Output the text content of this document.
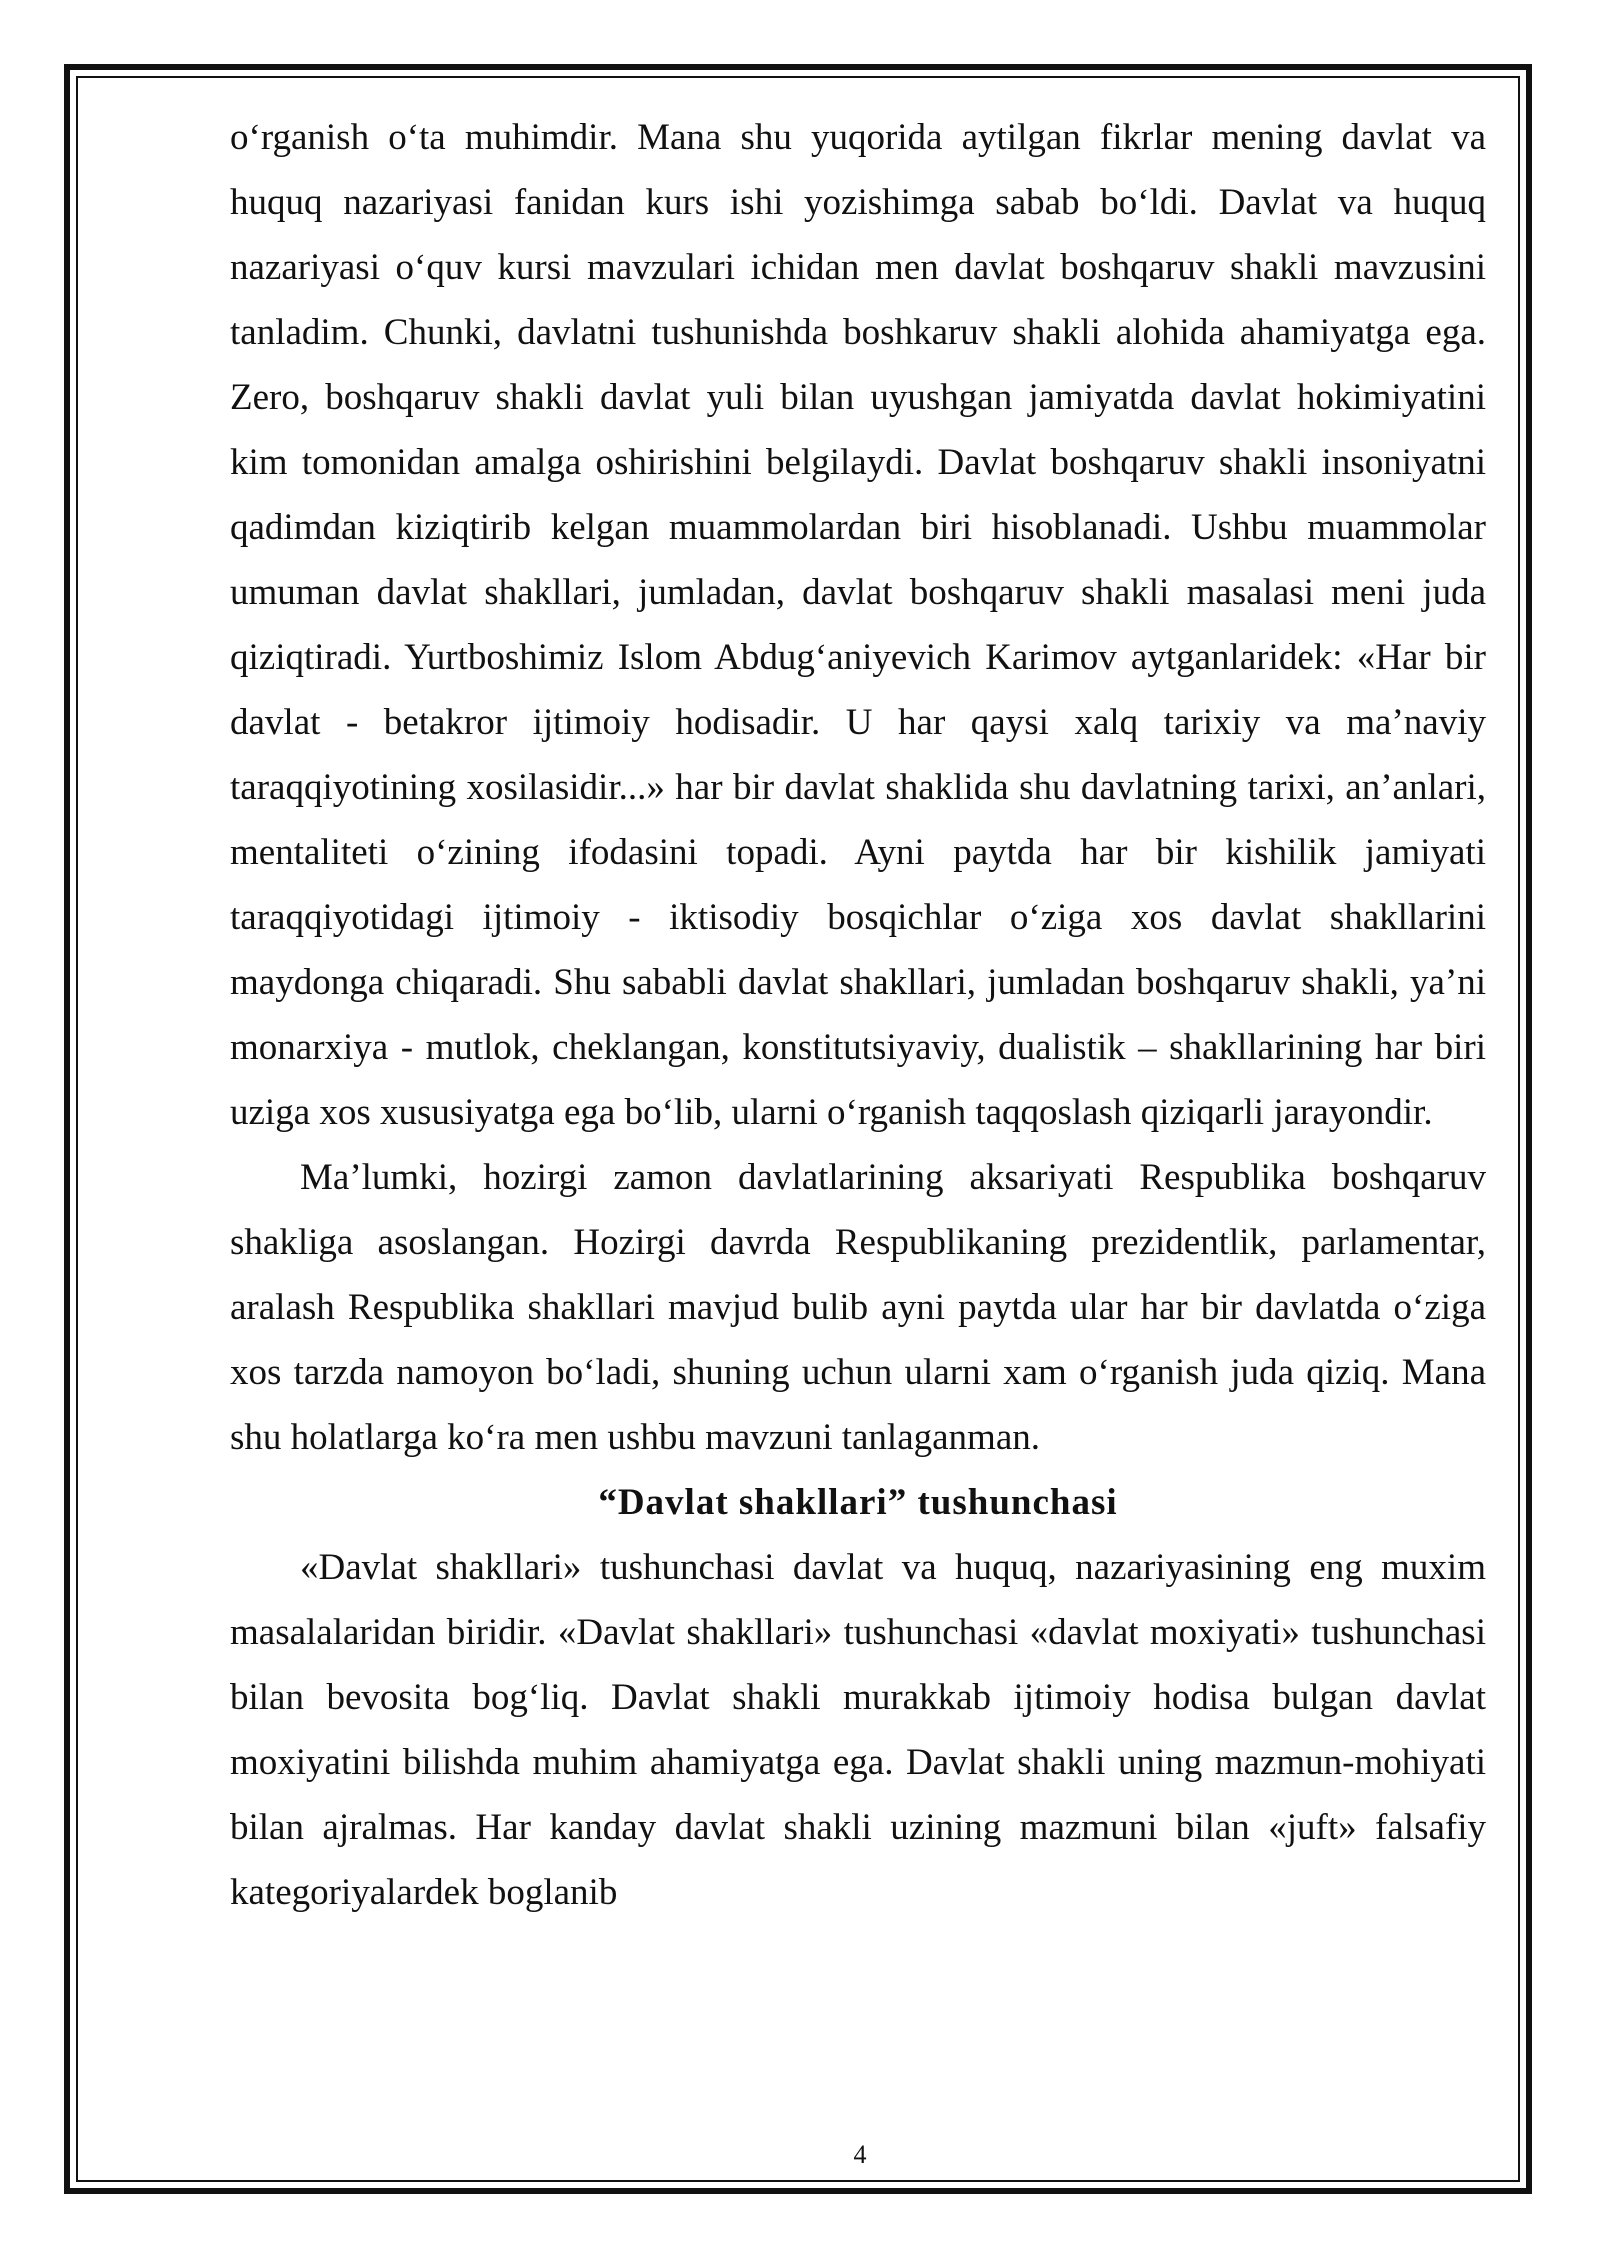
o‘rganish o‘ta muhimdir. Mana shu yuqorida aytilgan fikrlar mening davlat va huquq nazariyasi fanidan kurs ishi yozishimga sabab bo‘ldi. Davlat va huquq nazariyasi o‘quv kursi mavzulari ichidan men davlat boshqaruv shakli mavzusini tanladim. Chunki, davlatni tushunishda boshkaruv shakli alohida ahamiyatga ega. Zero, boshqaruv shakli davlat yuli bilan uyushgan jamiyatda davlat hokimiyatini kim tomonidan amalga oshirishini belgilaydi. Davlat boshqaruv shakli insoniyatni qadimdan kiziqtirib kelgan muammolardan biri hisoblanadi. Ushbu muammolar umuman davlat shakllari, jumladan, davlat boshqaruv shakli masalasi meni juda qiziqtiradi. Yurtboshimiz Islom Abdug‘aniyevich Karimov aytganlaridek: «Har bir davlat - betakror ijtimoiy hodisadir. U har qaysi xalq tarixiy va ma’naviy taraqqiyotining xosilasidir...» har bir davlat shaklida shu davlatning tarixi, an’anlari, mentaliteti o‘zining ifodasini topadi. Ayni paytda har bir kishilik jamiyati taraqqiyotidagi ijtimoiy - iktisodiy bosqichlar o‘ziga xos davlat shakllarini maydonga chiqaradi. Shu sababli davlat shakllari, jumladan boshqaruv shakli, ya’ni monarxiya - mutlok, cheklangan, konstitutsiyaviy, dualistik – shakllarining har biri uziga xos xususiyatga ega bo‘lib, ularni o‘rganish taqqoslash qiziqarli jarayondir.

Ma’lumki, hozirgi zamon davlatlarining aksariyati Respublika boshqaruv shakliga asoslangan. Hozirgi davrda Respublikaning prezidentlik, parlamentar, aralash Respublika shakllari mavjud bulib ayni paytda ular har bir davlatda o‘ziga xos tarzda namoyon bo‘ladi, shuning uchun ularni xam o‘rganish juda qiziq. Mana shu holatlarga ko‘ra men ushbu mavzuni tanlaganman.

“Davlat shakllari” tushunchasi

«Davlat shakllari» tushunchasi davlat va huquq, nazariyasining eng muxim masalalaridan biridir. «Davlat shakllari» tushunchasi «davlat moxiyati» tushunchasi bilan bevosita bog‘liq. Davlat shakli murakkab ijtimoiy hodisa bulgan davlat moxiyatini bilishda muhim ahamiyatga ega. Davlat shakli uning mazmun-mohiyati bilan ajralmas. Har kanday davlat shakli uzining mazmuni bilan «juft» falsafiy kategoriyalardek boglanib

4
